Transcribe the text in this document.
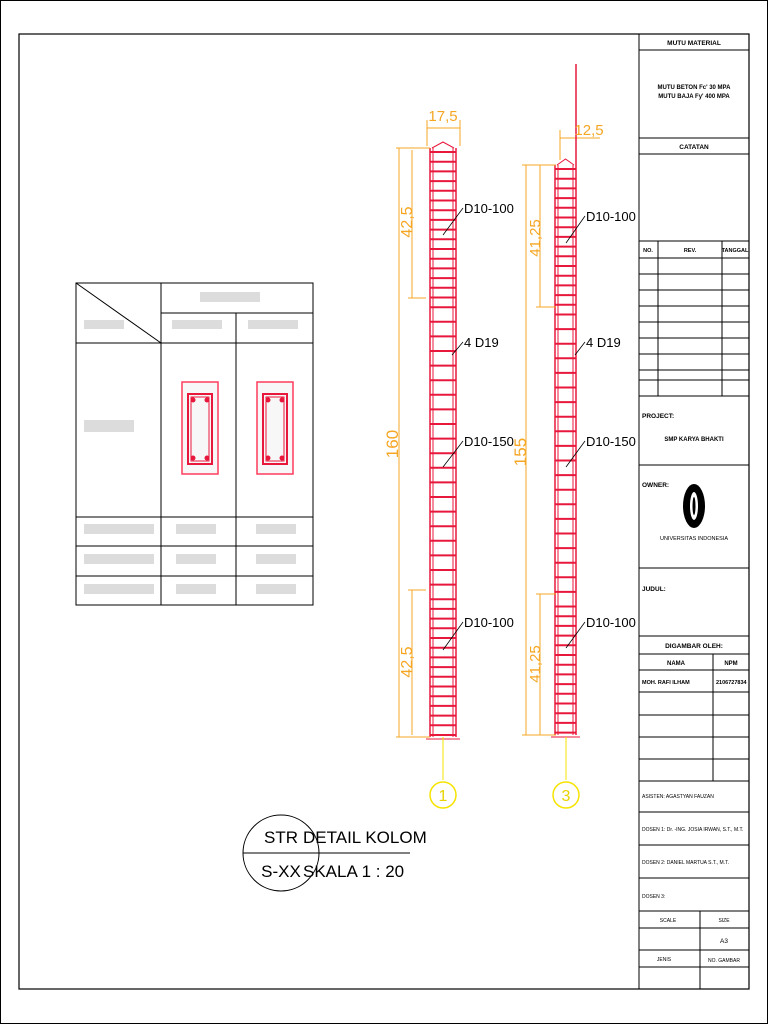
17,5
42,5
160
42,5
12,5
41,25
155
41,25
D10-100
4 D19
D10-150
D10-100
D10-100
4 D19
D10-150
D10-100
1	3
STR
S-XX
DETAIL KOLOM
SKALA 1 : 20
MUTU MATERIAL
MUTU BETON Fc' 30 MPA
MUTU BAJA Fy' 400 MPA
CATATAN
NO.	REV.	TANGGAL
PROJECT:
SMP KARYA BHAKTI
OWNER:
UNIVERSITAS INDONESIA
JUDUL:
DIGAMBAR OLEH:
NAMA	NPM
MOH. RAFI ILHAM	2106727834
ASISTEN: AGASTYAN FAUZAN
DOSEN 1: Dr. -ING. JOSIA IRWAN, S.T., M.T.
DOSEN 2: DANIEL MARTUA S.T., M.T.
DOSEN 3:
SCALE	SIZE
A3
JENIS	NO. GAMBAR
